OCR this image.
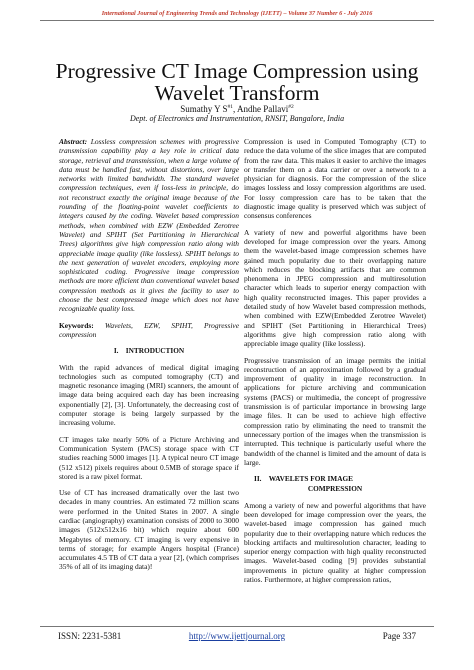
International Journal of Engineering Trends and Technology (IJETT) – Volume 37 Number 6 - July 2016
Progressive CT Image Compression using
Wavelet Transform
Sumathy Y $S^{\#1}$, Andhe Pallavi$^{\#2}$
Dept. of Electronics and Instrumentation, RNSIT, Bangalore, India

Abstract: Lossless compression schemes with progressive transmission capability play a key role in critical data storage, retrieval and transmission, when a large volume of data must be handled fast, without distortions, over large networks with limited bandwidth. The standard wavelet compression techniques, even if loss-less in principle, do not reconstruct exactly the original image because of the rounding of the floating-point wavelet coefficients to integers caused by the coding. Wavelet based compression methods, when combined with EZW (Embedded Zerotree Wavelet) and SPIHT (Set Partitioning in Hierarchical Trees) algorithms give high compression ratio along with appreciable image quality (like lossless). SPIHT belongs to the next generation of wavelet encoders, employing more sophisticated coding. Progressive image compression methods are more efficient than conventional wavelet based compression methods as it gives the facility to user to choose the best compressed image which does not have recognizable quality loss.

Keywords: Wavelets, EZW, SPIHT, Progressive compression

I. INTRODUCTION

With the rapid advances of medical digital imaging technologies such as computed tomography (CT) and magnetic resonance imaging (MRI) scanners, the amount of image data being acquired each day has been increasing exponentially [2], [3]. Unfortunately, the decreasing cost of computer storage is being largely surpassed by the increasing volume.

CT images take nearly 50% of a Picture Archiving and Communication System (PACS) storage space with CT studies reaching 5000 images [1]. A typical neuro CT image (512 x512) pixels requires about 0.5MB of storage space if stored is a raw pixel format.

Use of CT has increased dramatically over the last two decades in many countries. An estimated 72 million scans were performed in the United States in 2007. A single cardiac (angiography) examination consists of 2000 to 3000 images (512x512x16 bit) which require about 600 Megabytes of memory. CT imaging is very expensive in terms of storage; for example Angers hospital (France) accumulates 4.5 TB of CT data a year [2], (which comprises 35% of all of its imaging data)!

Compression is used in Computed Tomography (CT) to reduce the data volume of the slice images that are computed from the raw data. This makes it easier to archive the images or transfer them on a data carrier or over a network to a physician for diagnosis. For the compression of the slice images lossless and lossy compression algorithms are used. For lossy compression care has to be taken that the diagnostic image quality is preserved which was subject of consensus conferences

A variety of new and powerful algorithms have been developed for image compression over the years. Among them the wavelet-based image compression schemes have gained much popularity due to their overlapping nature which reduces the blocking artifacts that are common phenomena in JPEG compression and multiresolution character which leads to superior energy compaction with high quality reconstructed images. This paper provides a detailed study of how Wavelet based compression methods, when combined with EZW(Embedded Zerotree Wavelet) and SPIHT (Set Partitioning in Hierarchical Trees) algorithms give high compression ratio along with appreciable image quality (like lossless).

Progressive transmission of an image permits the initial reconstruction of an approximation followed by a gradual improvement of quality in image reconstruction. In applications for picture archiving and communication systems (PACS) or multimedia, the concept of progressive transmission is of particular importance in browsing large image files. It can be used to achieve high effective compression ratio by eliminating the need to transmit the unnecessary portion of the images when the transmission is interrupted. This technique is particularly useful where the bandwidth of the channel is limited and the amount of data is large.

II. WAVELETS FOR IMAGE
COMPRESSION

Among a variety of new and powerful algorithms that have been developed for image compression over the years, the wavelet-based image compression has gained much popularity due to their overlapping nature which reduces the blocking artifacts and multiresolution character, leading to superior energy compaction with high quality reconstructed images. Wavelet-based coding [9] provides substantial improvements in picture quality at higher compression ratios. Furthermore, at higher compression ratios,

ISSN: 2231-5381	http://www.ijettjournal.org	Page 337
